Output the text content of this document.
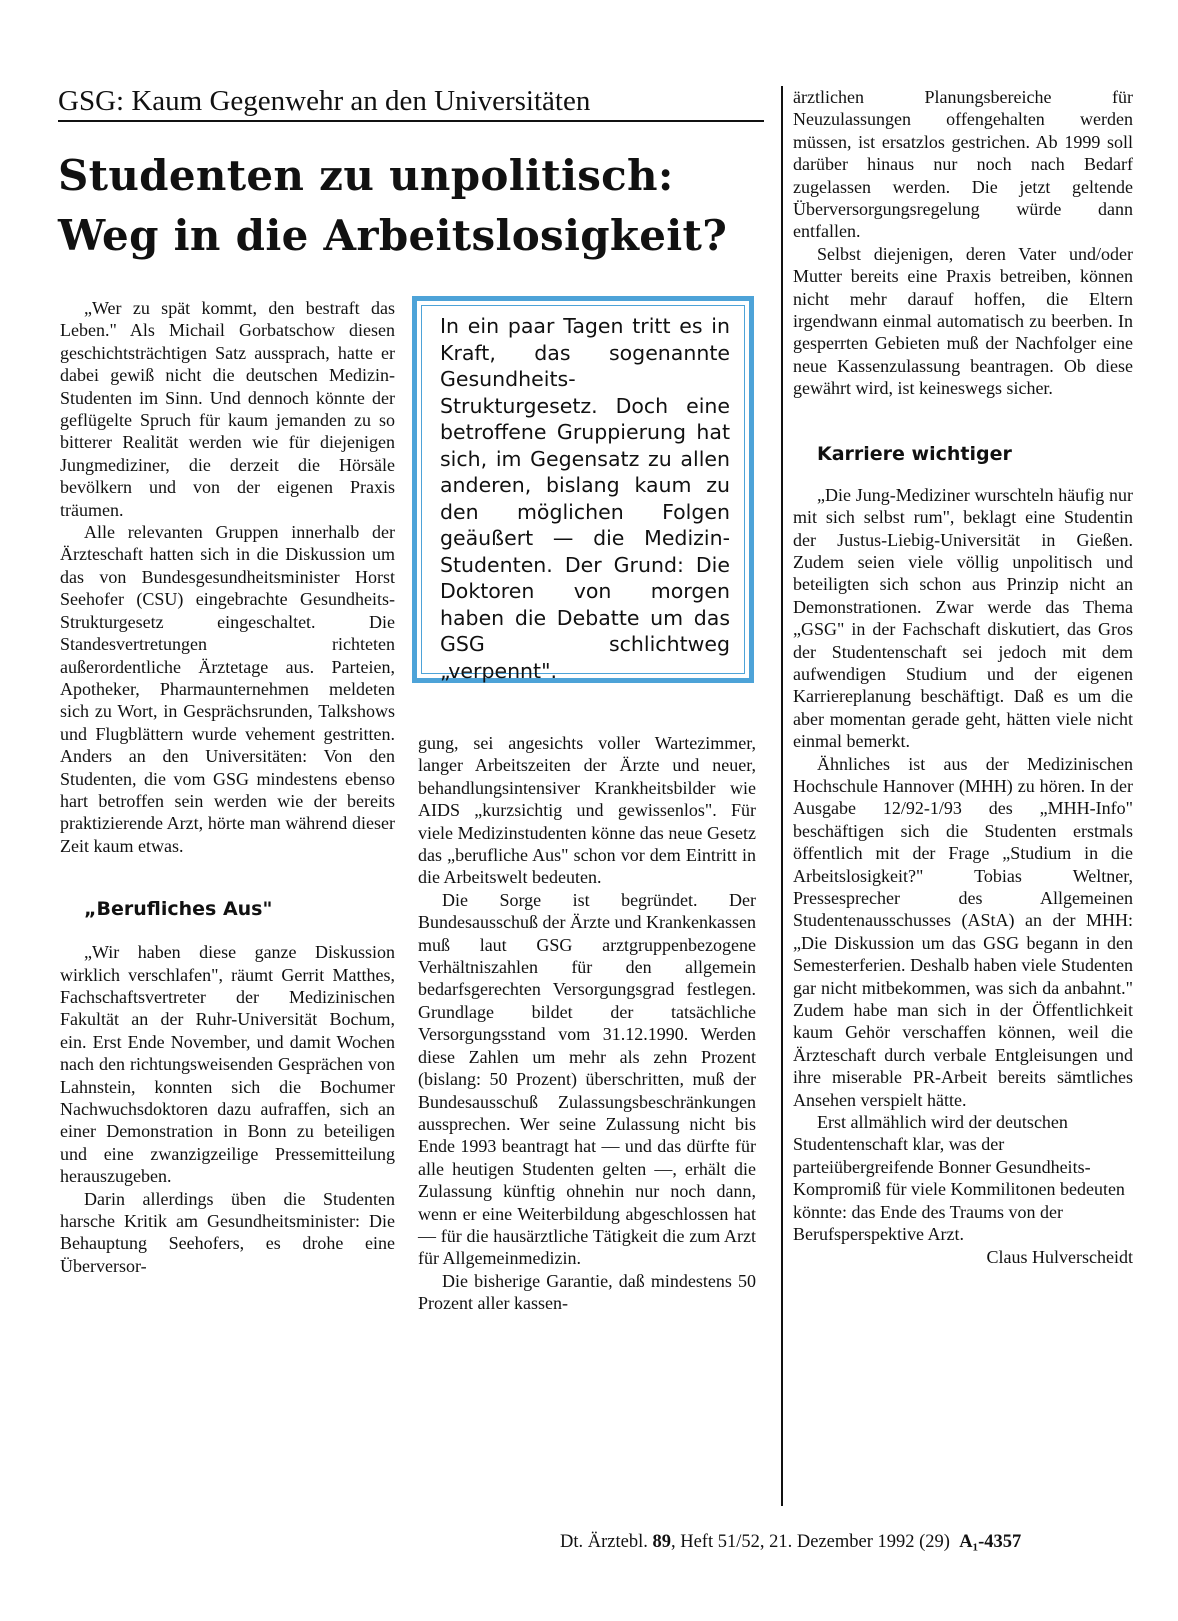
GSG: Kaum Gegenwehr an den Universitäten
Studenten zu unpolitisch:
Weg in die Arbeitslosigkeit?
In ein paar Tagen tritt es in Kraft, das sogenannte Gesundheits-Strukturgesetz. Doch eine betroffene Gruppierung hat sich, im Gegensatz zu allen anderen, bislang kaum zu den möglichen Folgen geäußert — die Medizin-Studenten. Der Grund: Die Doktoren von morgen haben die Debatte um das GSG schlichtweg „verpennt".

„Wer zu spät kommt, den bestraft das Leben." Als Michail Gorbatschow diesen geschichtsträchtigen Satz aussprach, hatte er dabei gewiß nicht die deutschen Medizin-Studenten im Sinn. Und dennoch könnte der geflügelte Spruch für kaum jemanden zu so bitterer Realität werden wie für diejenigen Jungmediziner, die derzeit die Hörsäle bevölkern und von der eigenen Praxis träumen.

Alle relevanten Gruppen innerhalb der Ärzteschaft hatten sich in die Diskussion um das von Bundesgesundheitsminister Horst Seehofer (CSU) eingebrachte Gesundheits-Strukturgesetz eingeschaltet. Die Standesvertretungen richteten außerordentliche Ärztetage aus. Parteien, Apotheker, Pharmaunternehmen meldeten sich zu Wort, in Gesprächsrunden, Talkshows und Flugblättern wurde vehement gestritten. Anders an den Universitäten: Von den Studenten, die vom GSG mindestens ebenso hart betroffen sein werden wie der bereits praktizierende Arzt, hörte man während dieser Zeit kaum etwas.

„Berufliches Aus"

„Wir haben diese ganze Diskussion wirklich verschlafen", räumt Gerrit Matthes, Fachschaftsvertreter der Medizinischen Fakultät an der Ruhr-Universität Bochum, ein. Erst Ende November, und damit Wochen nach den richtungsweisenden Gesprächen von Lahnstein, konnten sich die Bochumer Nachwuchsdoktoren dazu aufraffen, sich an einer Demonstration in Bonn zu beteiligen und eine zwanzigzeilige Pressemitteilung herauszugeben.

Darin allerdings üben die Studenten harsche Kritik am Gesundheitsminister: Die Behauptung Seehofers, es drohe eine Überversor-

gung, sei angesichts voller Wartezimmer, langer Arbeitszeiten der Ärzte und neuer, behandlungsintensiver Krankheitsbilder wie AIDS „kurzsichtig und gewissenlos". Für viele Medizinstudenten könne das neue Gesetz das „berufliche Aus" schon vor dem Eintritt in die Arbeitswelt bedeuten.

Die Sorge ist begründet. Der Bundesausschuß der Ärzte und Krankenkassen muß laut GSG arztgruppenbezogene Verhältniszahlen für den allgemein bedarfsgerechten Versorgungsgrad festlegen. Grundlage bildet der tatsächliche Versorgungsstand vom 31.12.1990. Werden diese Zahlen um mehr als zehn Prozent (bislang: 50 Prozent) überschritten, muß der Bundesausschuß Zulassungsbeschränkungen aussprechen. Wer seine Zulassung nicht bis Ende 1993 beantragt hat — und das dürfte für alle heutigen Studenten gelten —, erhält die Zulassung künftig ohnehin nur noch dann, wenn er eine Weiterbildung abgeschlossen hat — für die hausärztliche Tätigkeit die zum Arzt für Allgemeinmedizin.

Die bisherige Garantie, daß mindestens 50 Prozent aller kassen-

ärztlichen Planungsbereiche für Neuzulassungen offengehalten werden müssen, ist ersatzlos gestrichen. Ab 1999 soll darüber hinaus nur noch nach Bedarf zugelassen werden. Die jetzt geltende Überversorgungsregelung würde dann entfallen.

Selbst diejenigen, deren Vater und/oder Mutter bereits eine Praxis betreiben, können nicht mehr darauf hoffen, die Eltern irgendwann einmal automatisch zu beerben. In gesperrten Gebieten muß der Nachfolger eine neue Kassenzulassung beantragen. Ob diese gewährt wird, ist keineswegs sicher.

Karriere wichtiger

„Die Jung-Mediziner wurschteln häufig nur mit sich selbst rum", beklagt eine Studentin der Justus-Liebig-Universität in Gießen. Zudem seien viele völlig unpolitisch und beteiligten sich schon aus Prinzip nicht an Demonstrationen. Zwar werde das Thema „GSG" in der Fachschaft diskutiert, das Gros der Studentenschaft sei jedoch mit dem aufwendigen Studium und der eigenen Karriereplanung beschäftigt. Daß es um die aber momentan gerade geht, hätten viele nicht einmal bemerkt.

Ähnliches ist aus der Medizinischen Hochschule Hannover (MHH) zu hören. In der Ausgabe 12/92-1/93 des „MHH-Info" beschäftigen sich die Studenten erstmals öffentlich mit der Frage „Studium in die Arbeitslosigkeit?" Tobias Weltner, Pressesprecher des Allgemeinen Studentenausschusses (AStA) an der MHH: „Die Diskussion um das GSG begann in den Semesterferien. Deshalb haben viele Studenten gar nicht mitbekommen, was sich da anbahnt." Zudem habe man sich in der Öffentlichkeit kaum Gehör verschaffen können, weil die Ärzteschaft durch verbale Entgleisungen und ihre miserable PR-Arbeit bereits sämtliches Ansehen verspielt hätte.

Erst allmählich wird der deutschen Studentenschaft klar, was der parteiübergreifende Bonner Gesundheits-Kompromiß für viele Kommilitonen bedeuten könnte: das Ende des Traums von der Berufsperspektive Arzt.
Claus Hulverscheidt

Dt. Ärztebl. 89, Heft 51/52, 21. Dezember 1992 (29) A₁-4357
